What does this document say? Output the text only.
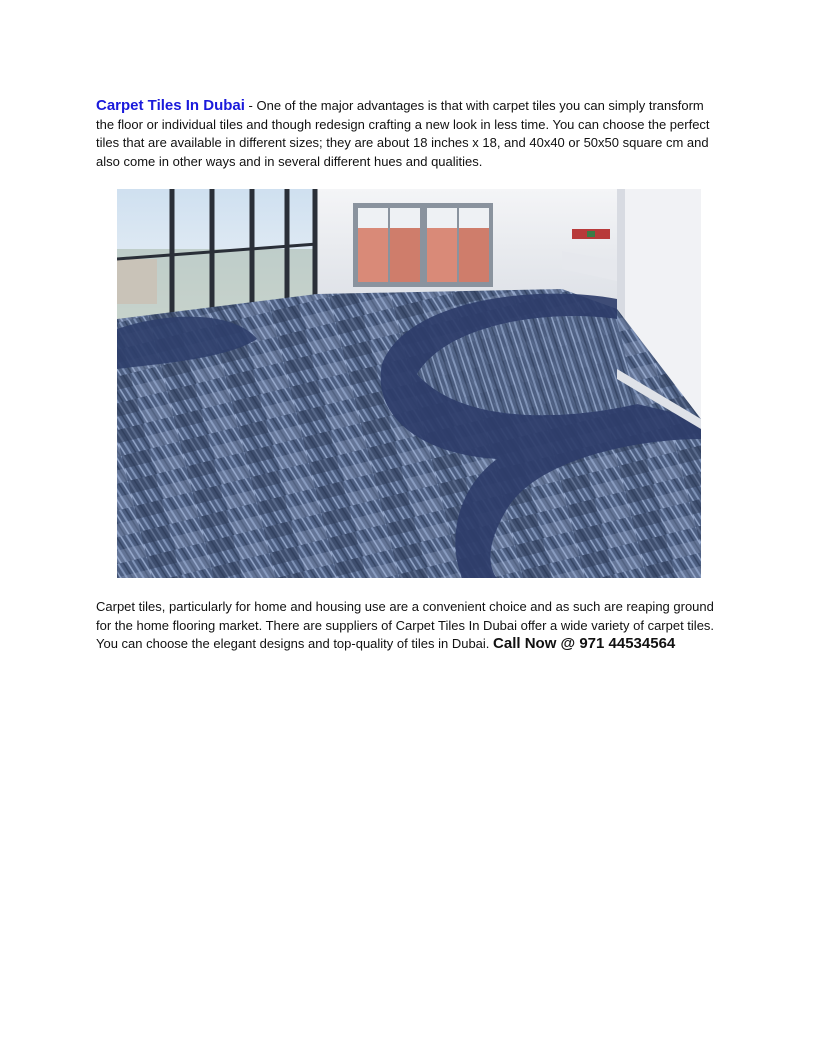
Carpet Tiles In Dubai - One of the major advantages is that with carpet tiles you can simply transform the floor or individual tiles and though redesign crafting a new look in less time. You can choose the perfect tiles that are available in different sizes; they are about 18 inches x 18, and 40x40 or 50x50 square cm and also come in other ways and in several different hues and qualities.

Carpet tiles, particularly for home and housing use are a convenient choice and as such are reaping ground for the home flooring market. There are suppliers of Carpet Tiles In Dubai offer a wide variety of carpet tiles. You can choose the elegant designs and top-quality of tiles in Dubai. Call Now @ 971 44534564
